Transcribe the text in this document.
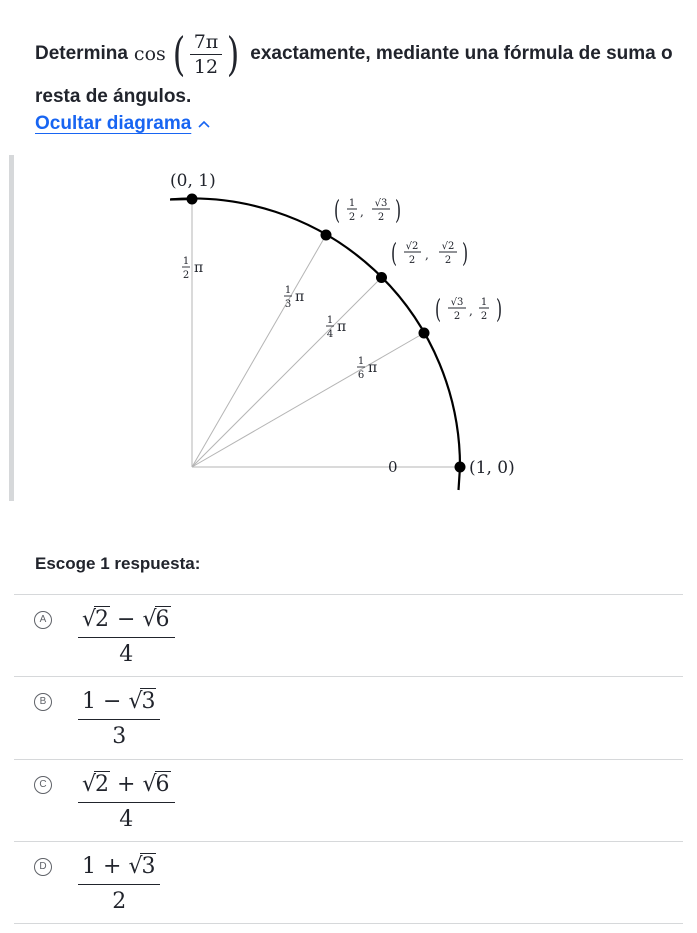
Determina cos ( $\frac{7\pi}{12}$ ) exactamente, mediante una fórmula de suma o
resta de ángulos.
Ocultar diagrama
(0, 1)
(1, 0)
0
( 1
2 ,
√3
2 )
( √2
2 ,
√2
2 )
( √3
2 ,
1
2 )
1
2 π
1
3 π
1
4 π
1
6 π
Escoge 1 respuesta:
A $\frac{√2 - √6}{4}$
B $\frac{1 - √3}{3}$
C $\frac{√2 + √6}{4}$
D $\frac{1 + √3}{2}$
